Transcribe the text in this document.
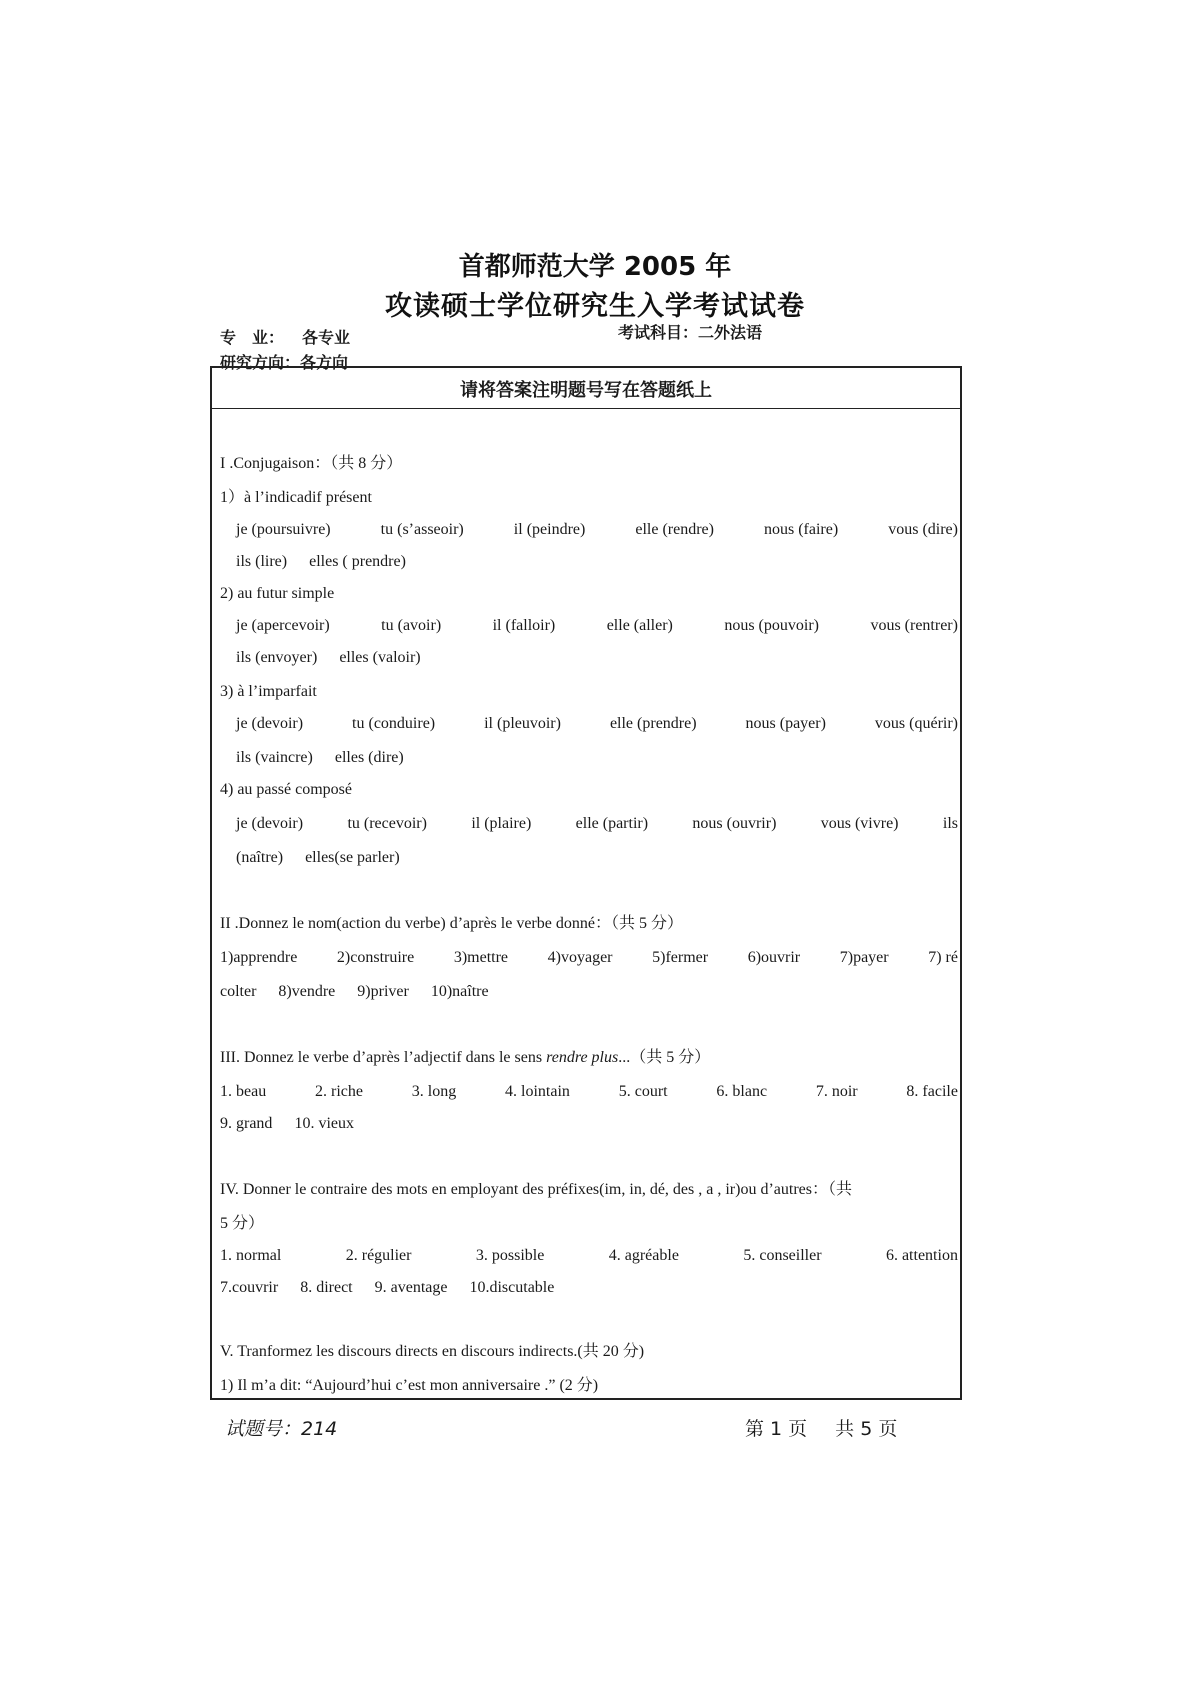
首都师范大学 2005 年
攻读硕士学位研究生入学考试试卷
专　业： 各专业
研究方向：各方向
考试科目：二外法语
请将答案注明题号写在答题纸上
I .Conjugaison：（共 8 分）
1）à l’indicadif présent
je (poursuivre)	tu (s’asseoir)	il (peindre)	elle (rendre)	nous (faire)	vous (dire)
ils (lire) elles ( prendre)
2) au futur simple
je (apercevoir)	tu (avoir)	il (falloir)	elle (aller)	nous (pouvoir)	vous (rentrer)
ils (envoyer) elles (valoir)
3) à l’imparfait
je (devoir)	tu (conduire)	il (pleuvoir)	elle (prendre)	nous (payer)	vous (quérir)
ils (vaincre) elles (dire)
4) au passé composé
je (devoir)	tu (recevoir)	il (plaire)	elle (partir)	nous (ouvrir)	vous (vivre)	ils
(naître) elles(se parler)
II .Donnez le nom(action du verbe) d’après le verbe donné：（共 5 分）
1)apprendre 2)construire 3)mettre 4)voyager 5)fermer 6)ouvrir 7)payer 7) ré
colter 8)vendre 9)priver 10)naître
III. Donnez le verbe d’après l’adjectif dans le sens rendre plus...（共 5 分）
1. beau	2. riche	3. long	4. lointain	5. court	6. blanc	7. noir	8. facile
9. grand 10. vieux
IV. Donner le contraire des mots en employant des préfixes(im, in, dé, des , a , ir)ou d’autres：（共
5 分）
1. normal	2. régulier	3. possible	4. agréable	5. conseiller	6. attention
7.couvrir 8. direct 9. aventage 10.discutable
V. Tranformez les discours directs en discours indirects.(共 20 分)
1) Il m’a dit: “Aujourd’hui c’est mon anniversaire .” (2 分)
试题号：214	第 1 页 共 5 页
